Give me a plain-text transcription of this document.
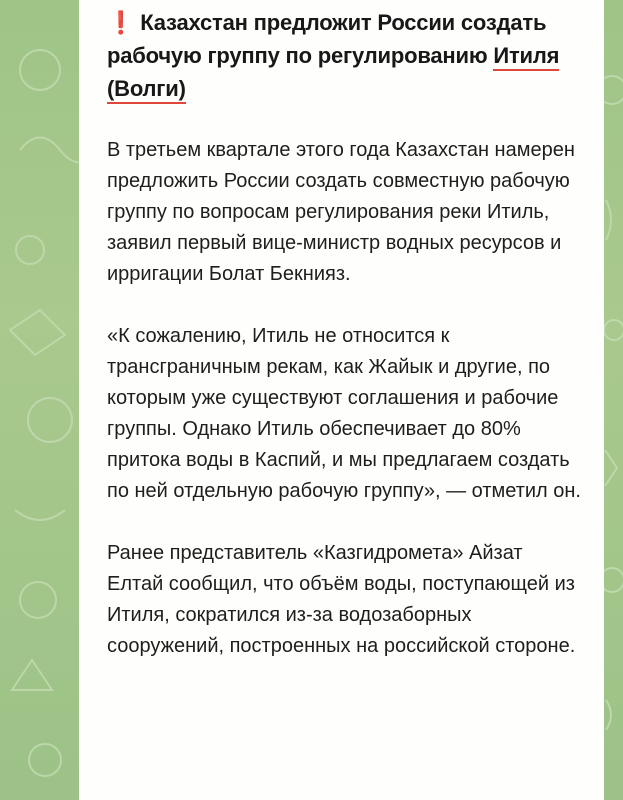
❗ Казахстан предложит России создать рабочую группу по регулированию Итиля
(Волги)
В третьем квартале этого года Казахстан намерен предложить России создать совместную рабочую группу по вопросам регулирования реки Итиль, заявил первый вице-министр водных ресурсов и ирригации Болат Бекнияз.
«К сожалению, Итиль не относится к трансграничным рекам, как Жайык и другие, по которым уже существуют соглашения и рабочие группы. Однако Итиль обеспечивает до 80% притока воды в Каспий, и мы предлагаем создать по ней отдельную рабочую группу», — отметил он.
Ранее представитель «Казгидромета» Айзат Елтай сообщил, что объём воды, поступающей из Итиля, сократился из-за водозаборных сооружений, построенных на российской стороне.
